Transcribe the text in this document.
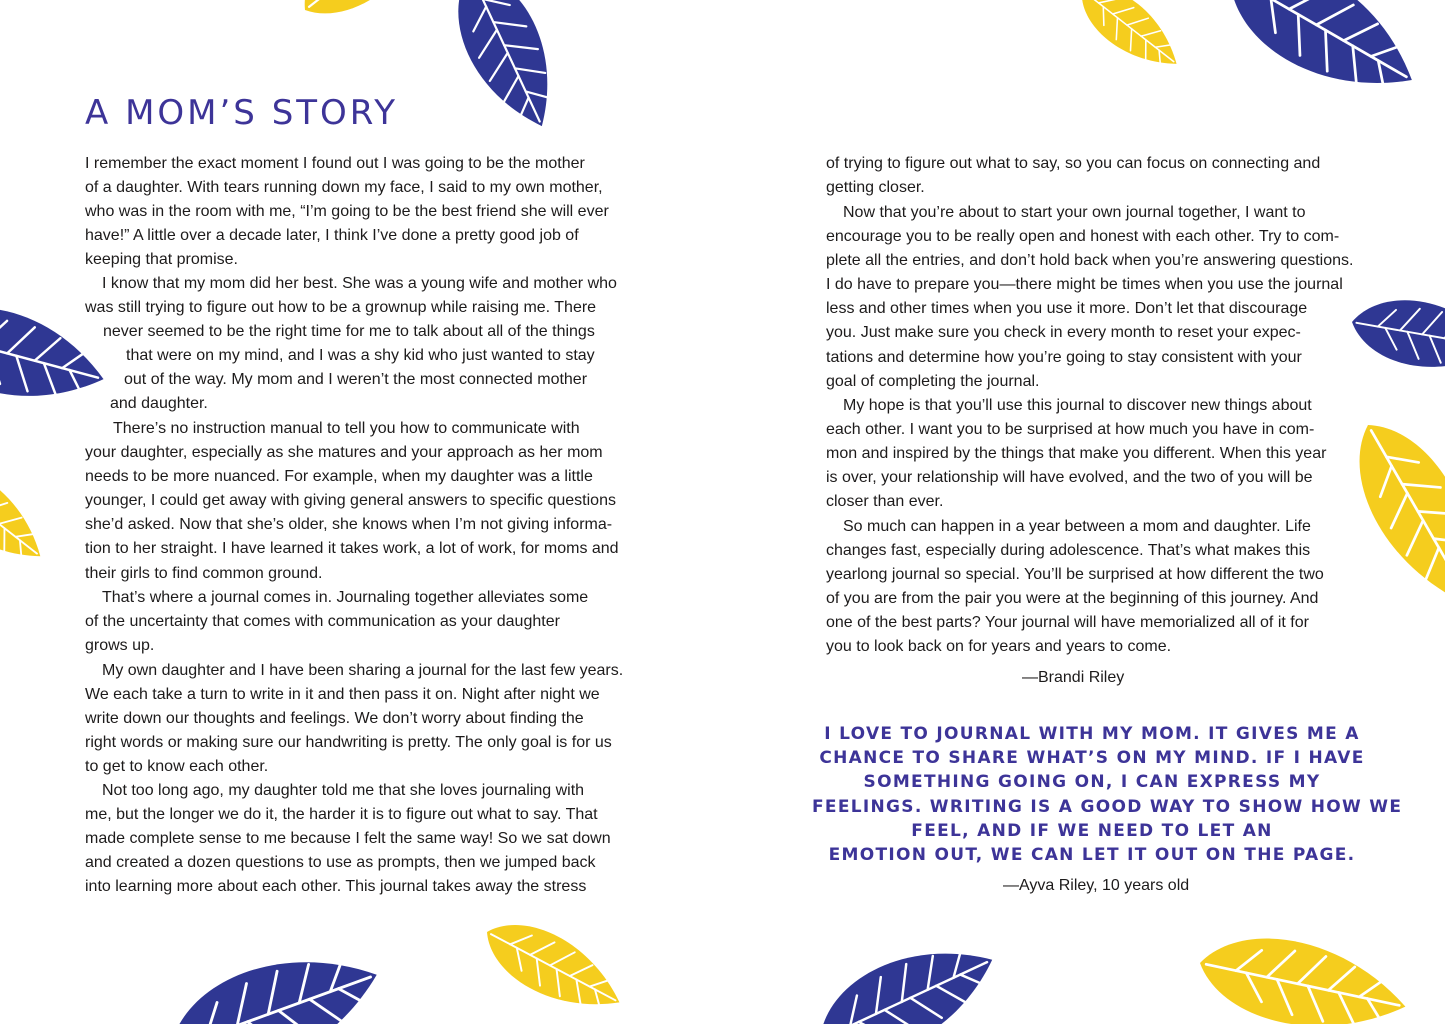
A MOM’S STORY

I remember the exact moment I found out I was going to be the mother
of a daughter. With tears running down my face, I said to my own mother,
who was in the room with me, “I’m going to be the best friend she will ever
have!” A little over a decade later, I think I’ve done a pretty good job of
keeping that promise.

I know that my mom did her best. She was a young wife and mother who
was still trying to figure out how to be a grownup while raising me. There
never seemed to be the right time for me to talk about all of the things
that were on my mind, and I was a shy kid who just wanted to stay
out of the way. My mom and I weren’t the most connected mother
and daughter.

There’s no instruction manual to tell you how to communicate with
your daughter, especially as she matures and your approach as her mom
needs to be more nuanced. For example, when my daughter was a little
younger, I could get away with giving general answers to specific questions
she’d asked. Now that she’s older, she knows when I’m not giving informa-
tion to her straight. I have learned it takes work, a lot of work, for moms and
their girls to find common ground.

That’s where a journal comes in. Journaling together alleviates some
of the uncertainty that comes with communication as your daughter
grows up.

My own daughter and I have been sharing a journal for the last few years.
We each take a turn to write in it and then pass it on. Night after night we
write down our thoughts and feelings. We don’t worry about finding the
right words or making sure our handwriting is pretty. The only goal is for us
to get to know each other.

Not too long ago, my daughter told me that she loves journaling with
me, but the longer we do it, the harder it is to figure out what to say. That
made complete sense to me because I felt the same way! So we sat down
and created a dozen questions to use as prompts, then we jumped back
into learning more about each other. This journal takes away the stress

of trying to figure out what to say, so you can focus on connecting and
getting closer.

Now that you’re about to start your own journal together, I want to
encourage you to be really open and honest with each other. Try to com-
plete all the entries, and don’t hold back when you’re answering questions.
I do have to prepare you—there might be times when you use the journal
less and other times when you use it more. Don’t let that discourage
you. Just make sure you check in every month to reset your expec-
tations and determine how you’re going to stay consistent with your
goal of completing the journal.

My hope is that you’ll use this journal to discover new things about
each other. I want you to be surprised at how much you have in com-
mon and inspired by the things that make you different. When this year
is over, your relationship will have evolved, and the two of you will be
closer than ever.

So much can happen in a year between a mom and daughter. Life
changes fast, especially during adolescence. That’s what makes this
yearlong journal so special. You’ll be surprised at how different the two
of you are from the pair you were at the beginning of this journey. And
one of the best parts? Your journal will have memorialized all of it for
you to look back on for years and years to come.

—Brandi Riley

I LOVE TO JOURNAL WITH MY MOM. IT GIVES ME A
CHANCE TO SHARE WHAT’S ON MY MIND. IF I HAVE
SOMETHING GOING ON, I CAN EXPRESS MY
FEELINGS. WRITING IS A GOOD WAY TO SHOW HOW WE
FEEL, AND IF WE NEED TO LET AN
EMOTION OUT, WE CAN LET IT OUT ON THE PAGE.

—Ayva Riley, 10 years old
